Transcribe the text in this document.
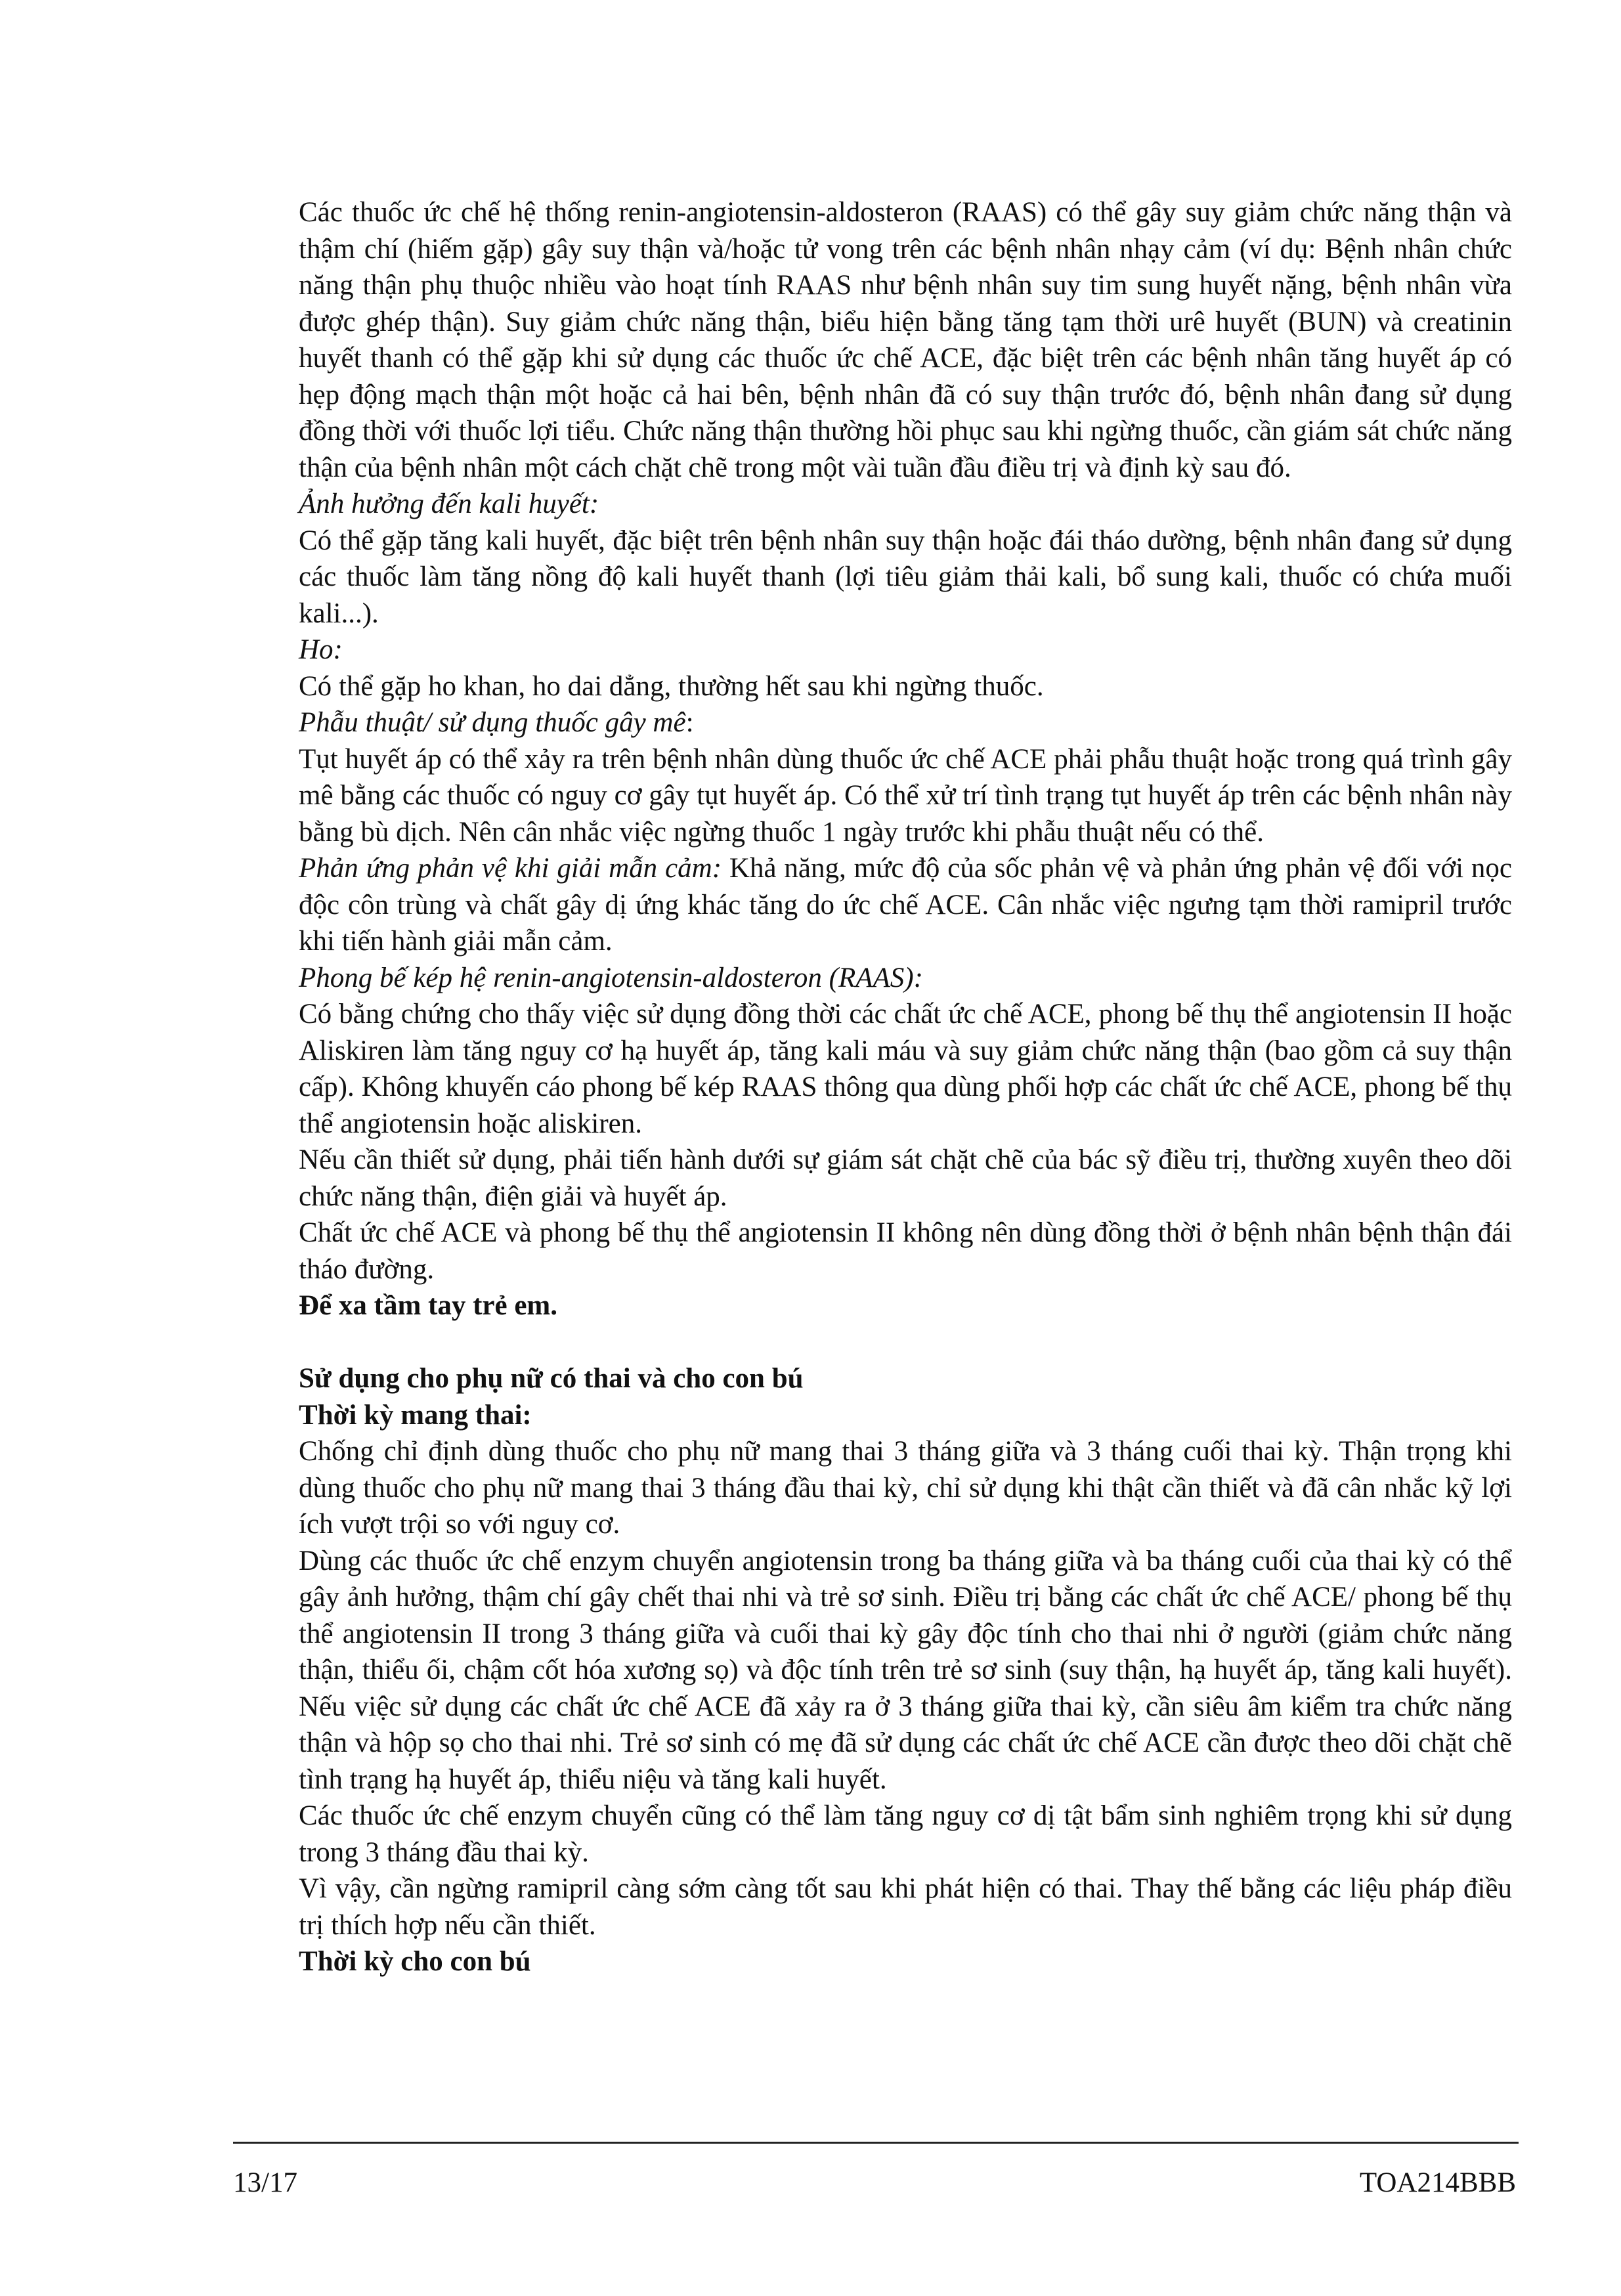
Các thuốc ức chế hệ thống renin-angiotensin-aldosteron (RAAS) có thể gây suy giảm chức năng thận và thậm chí (hiếm gặp) gây suy thận và/hoặc tử vong trên các bệnh nhân nhạy cảm (ví dụ: Bệnh nhân chức năng thận phụ thuộc nhiều vào hoạt tính RAAS như bệnh nhân suy tim sung huyết nặng, bệnh nhân vừa được ghép thận). Suy giảm chức năng thận, biểu hiện bằng tăng tạm thời urê huyết (BUN) và creatinin huyết thanh có thể gặp khi sử dụng các thuốc ức chế ACE, đặc biệt trên các bệnh nhân tăng huyết áp có hẹp động mạch thận một hoặc cả hai bên, bệnh nhân đã có suy thận trước đó, bệnh nhân đang sử dụng đồng thời với thuốc lợi tiểu. Chức năng thận thường hồi phục sau khi ngừng thuốc, cần giám sát chức năng thận của bệnh nhân một cách chặt chẽ trong một vài tuần đầu điều trị và định kỳ sau đó.

Ảnh hưởng đến kali huyết:

Có thể gặp tăng kali huyết, đặc biệt trên bệnh nhân suy thận hoặc đái tháo dường, bệnh nhân đang sử dụng các thuốc làm tăng nồng độ kali huyết thanh (lợi tiêu giảm thải kali, bổ sung kali, thuốc có chứa muối kali...).

Ho:

Có thể gặp ho khan, ho dai dẳng, thường hết sau khi ngừng thuốc.

Phẫu thuật/ sử dụng thuốc gây mê:

Tụt huyết áp có thể xảy ra trên bệnh nhân dùng thuốc ức chế ACE phải phẫu thuật hoặc trong quá trình gây mê bằng các thuốc có nguy cơ gây tụt huyết áp. Có thể xử trí tình trạng tụt huyết áp trên các bệnh nhân này bằng bù dịch. Nên cân nhắc việc ngừng thuốc 1 ngày trước khi phẫu thuật nếu có thể.

Phản ứng phản vệ khi giải mẫn cảm: Khả năng, mức độ của sốc phản vệ và phản ứng phản vệ đối với nọc độc côn trùng và chất gây dị ứng khác tăng do ức chế ACE. Cân nhắc việc ngưng tạm thời ramipril trước khi tiến hành giải mẫn cảm.

Phong bế kép hệ renin-angiotensin-aldosteron (RAAS):

Có bằng chứng cho thấy việc sử dụng đồng thời các chất ức chế ACE, phong bế thụ thể angiotensin II hoặc Aliskiren làm tăng nguy cơ hạ huyết áp, tăng kali máu và suy giảm chức năng thận (bao gồm cả suy thận cấp). Không khuyến cáo phong bế kép RAAS thông qua dùng phối hợp các chất ức chế ACE, phong bế thụ thể angiotensin hoặc aliskiren.

Nếu cần thiết sử dụng, phải tiến hành dưới sự giám sát chặt chẽ của bác sỹ điều trị, thường xuyên theo dõi chức năng thận, điện giải và huyết áp.

Chất ức chế ACE và phong bế thụ thể angiotensin II không nên dùng đồng thời ở bệnh nhân bệnh thận đái tháo đường.

Để xa tầm tay trẻ em.

Sử dụng cho phụ nữ có thai và cho con bú

Thời kỳ mang thai:

Chống chỉ định dùng thuốc cho phụ nữ mang thai 3 tháng giữa và 3 tháng cuối thai kỳ. Thận trọng khi dùng thuốc cho phụ nữ mang thai 3 tháng đầu thai kỳ, chỉ sử dụng khi thật cần thiết và đã cân nhắc kỹ lợi ích vượt trội so với nguy cơ.

Dùng các thuốc ức chế enzym chuyển angiotensin trong ba tháng giữa và ba tháng cuối của thai kỳ có thể gây ảnh hưởng, thậm chí gây chết thai nhi và trẻ sơ sinh. Điều trị bằng các chất ức chế ACE/ phong bế thụ thể angiotensin II trong 3 tháng giữa và cuối thai kỳ gây độc tính cho thai nhi ở người (giảm chức năng thận, thiểu ối, chậm cốt hóa xương sọ) và độc tính trên trẻ sơ sinh (suy thận, hạ huyết áp, tăng kali huyết). Nếu việc sử dụng các chất ức chế ACE đã xảy ra ở 3 tháng giữa thai kỳ, cần siêu âm kiểm tra chức năng thận và hộp sọ cho thai nhi. Trẻ sơ sinh có mẹ đã sử dụng các chất ức chế ACE cần được theo dõi chặt chẽ tình trạng hạ huyết áp, thiểu niệu và tăng kali huyết.

Các thuốc ức chế enzym chuyển cũng có thể làm tăng nguy cơ dị tật bẩm sinh nghiêm trọng khi sử dụng trong 3 tháng đầu thai kỳ.

Vì vậy, cần ngừng ramipril càng sớm càng tốt sau khi phát hiện có thai. Thay thế bằng các liệu pháp điều trị thích hợp nếu cần thiết.

Thời kỳ cho con bú

13/17	TOA214BBB
